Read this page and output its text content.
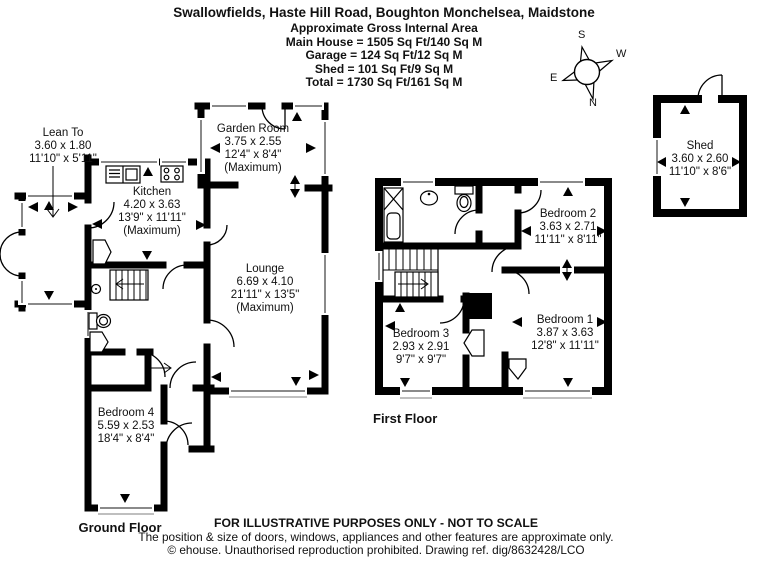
Swallowfields, Haste Hill Road, Boughton Monchelsea, Maidstone
Approximate Gross Internal Area
Main House = 1505 Sq Ft/140 Sq M
Garage = 124 Sq Ft/12 Sq M
Shed = 101 Sq Ft/9 Sq M
Total = 1730 Sq Ft/161 Sq M
S
W
E
N
Lean To
3.60 x 1.80
11'10" x 5'11"
Kitchen
4.20 x 3.63
13'9" x 11'11"
(Maximum)
Garden Room
3.75 x 2.55
12'4" x 8'4"
(Maximum)
Lounge
6.69 x 4.10
21'11" x 13'5"
(Maximum)
Bedroom 4
5.59 x 2.53
18'4" x 8'4"
Bedroom 2
3.63 x 2.71
11'11" x 8'11"
Bedroom 1
3.87 x 3.63
12'8" x 11'11"
Bedroom 3
2.93 x 2.91
9'7" x 9'7"
Shed
3.60 x 2.60
11'10" x 8'6"
Ground Floor
First Floor
FOR ILLUSTRATIVE PURPOSES ONLY - NOT TO SCALE
The position & size of doors, windows, appliances and other features are approximate only.
© ehouse. Unauthorised reproduction prohibited. Drawing ref. dig/8632428/LCO
